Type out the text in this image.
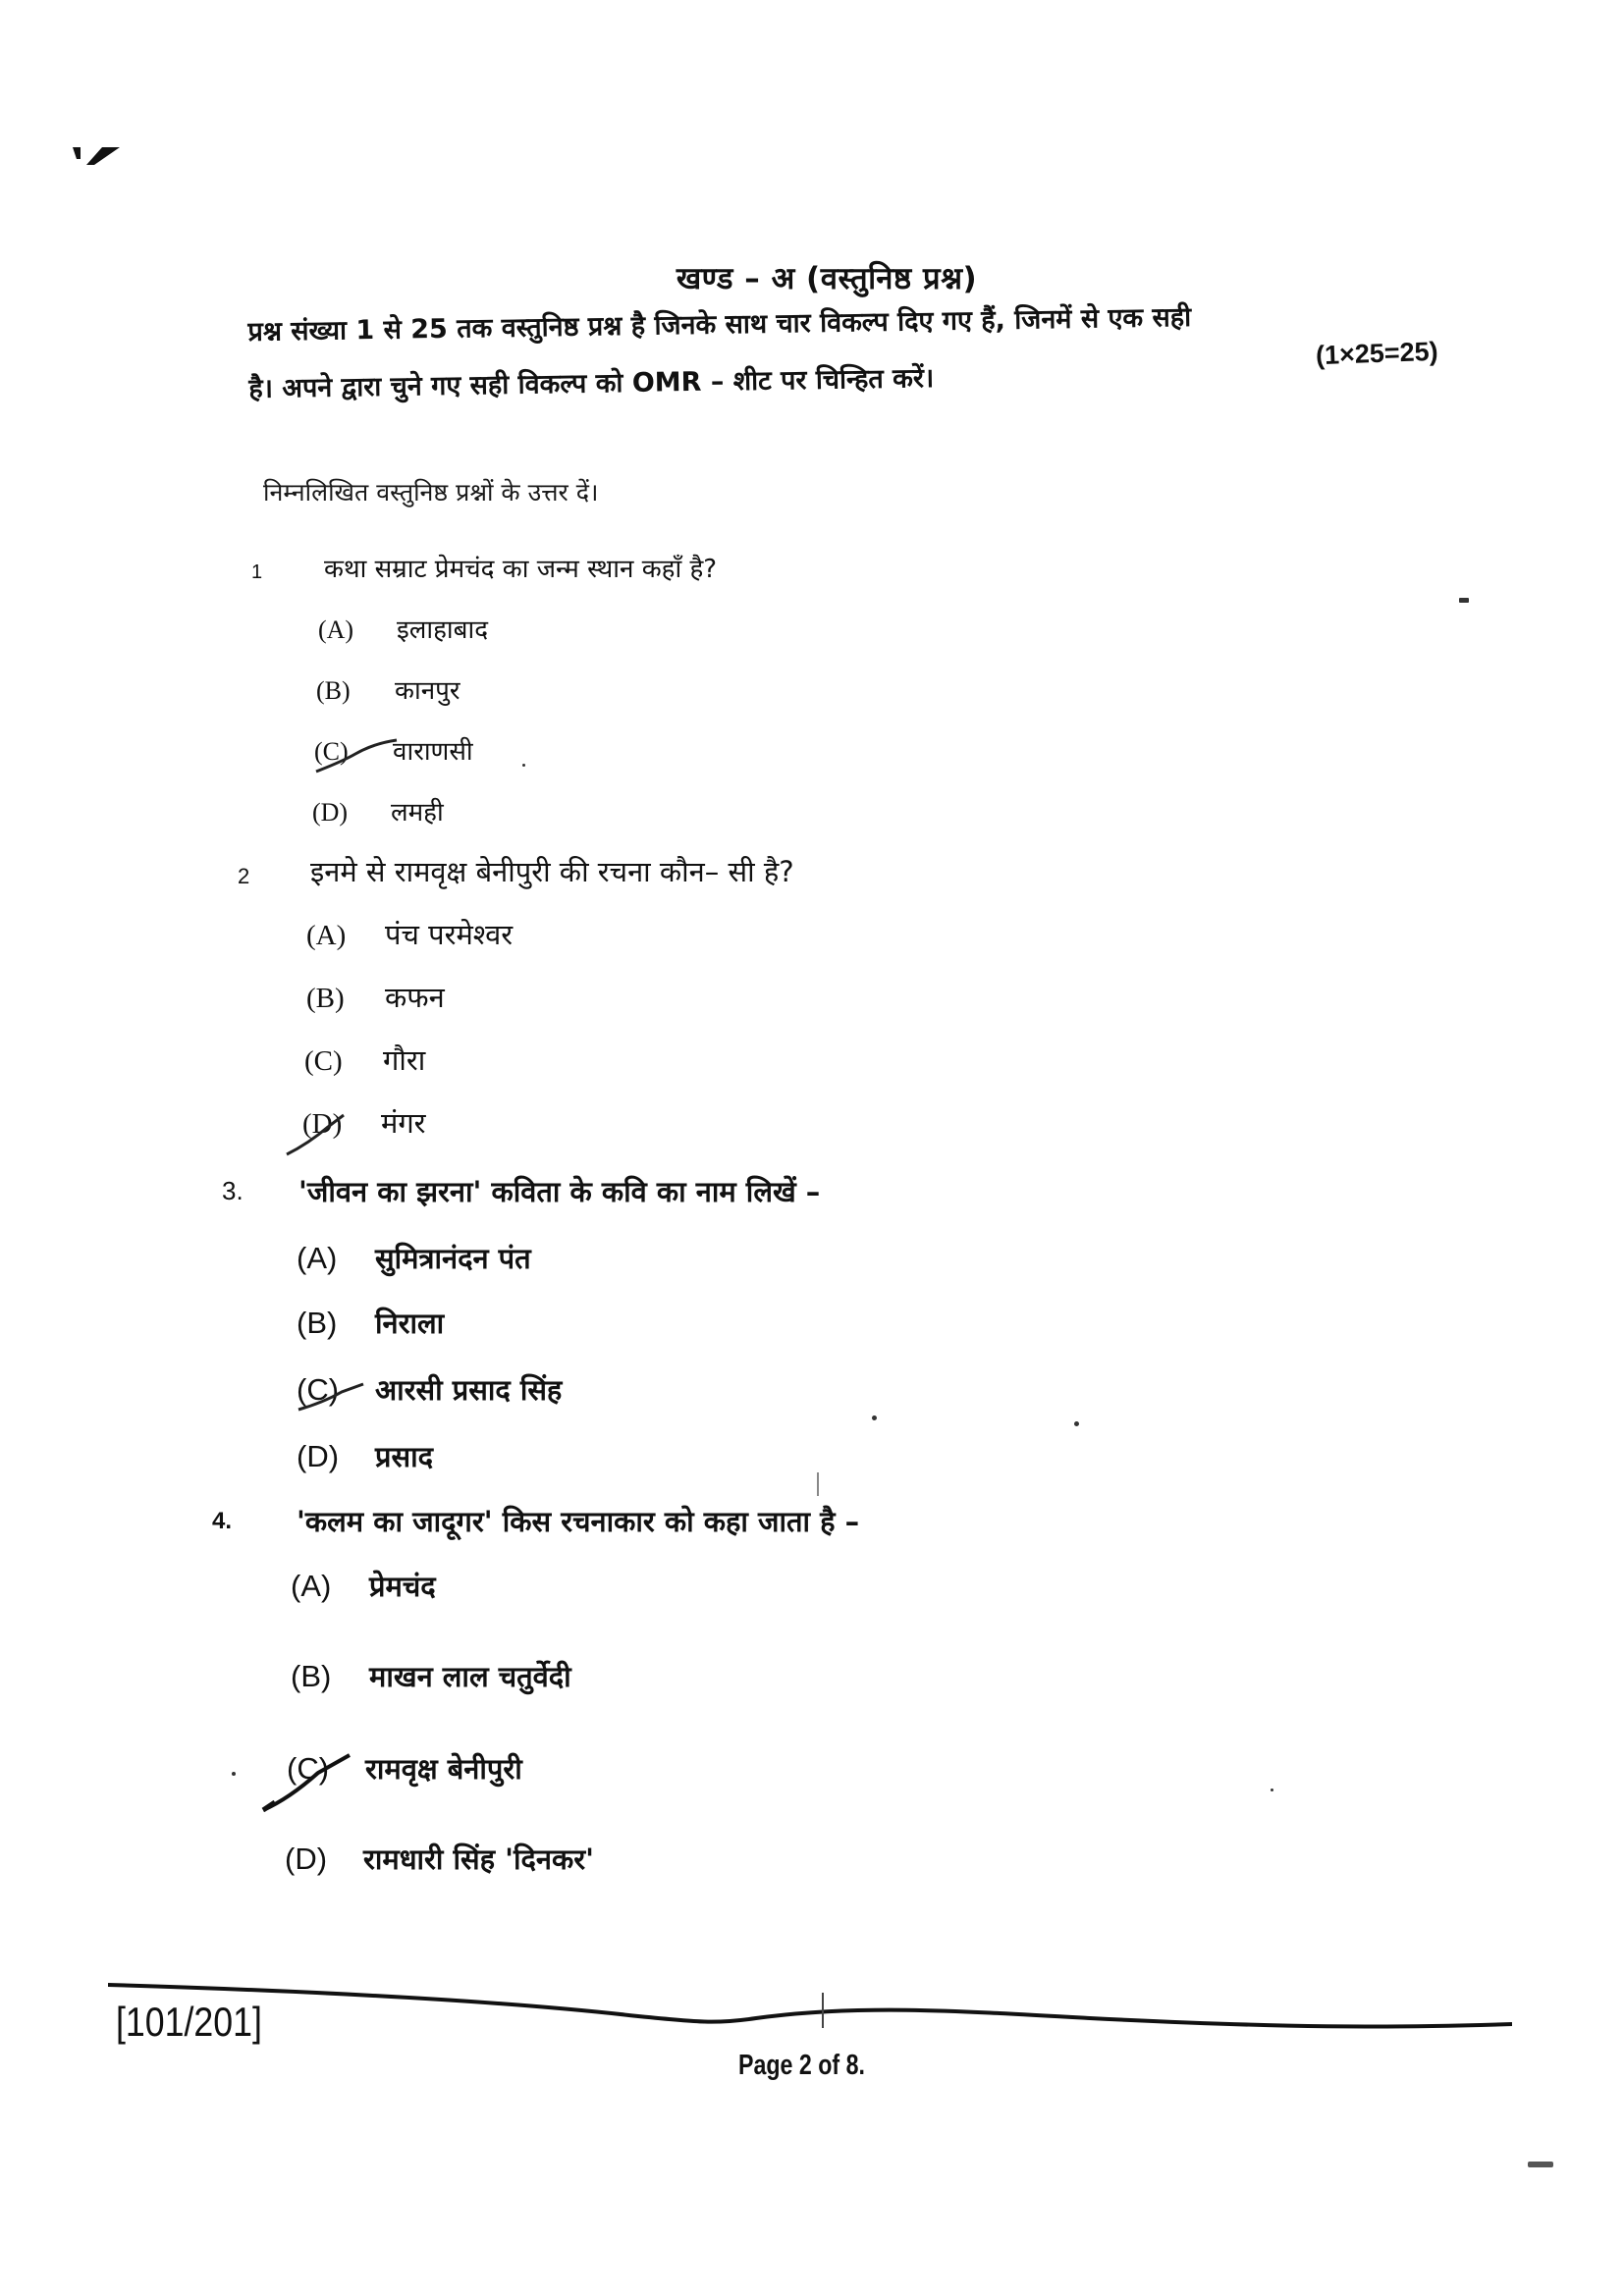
खण्ड – अ (वस्तुनिष्ठ प्रश्न)
प्रश्न संख्या 1 से 25 तक वस्तुनिष्ठ प्रश्न है जिनके साथ चार विकल्प दिए गए हैं, जिनमें से एक सही
है। अपने द्वारा चुने गए सही विकल्प को OMR – शीट पर चिन्हित करें।
(1×25=25)
निम्नलिखित वस्तुनिष्ठ प्रश्नों के उत्तर दें।
1 कथा सम्राट प्रेमचंद का जन्म स्थान कहाँ है?
(A)	इलाहाबाद
(B)	कानपुर
(C)	वाराणसी
(D)	लमही
2 इनमे से रामवृक्ष बेनीपुरी की रचना कौन– सी है?
(A)	पंच परमेश्वर
(B)	कफन
(C)	गौरा
(D)	मंगर
3. 'जीवन का झरना' कविता के कवि का नाम लिखें –
(A)	सुमित्रानंदन पंत
(B)	निराला
(C)	आरसी प्रसाद सिंह
(D)	प्रसाद
4. 'कलम का जादूगर' किस रचनाकार को कहा जाता है –
(A)	प्रेमचंद
(B)	माखन लाल चतुर्वेदी
(C)	रामवृक्ष बेनीपुरी
(D)	रामधारी सिंह 'दिनकर'
[101/201]
Page 2 of 8.
